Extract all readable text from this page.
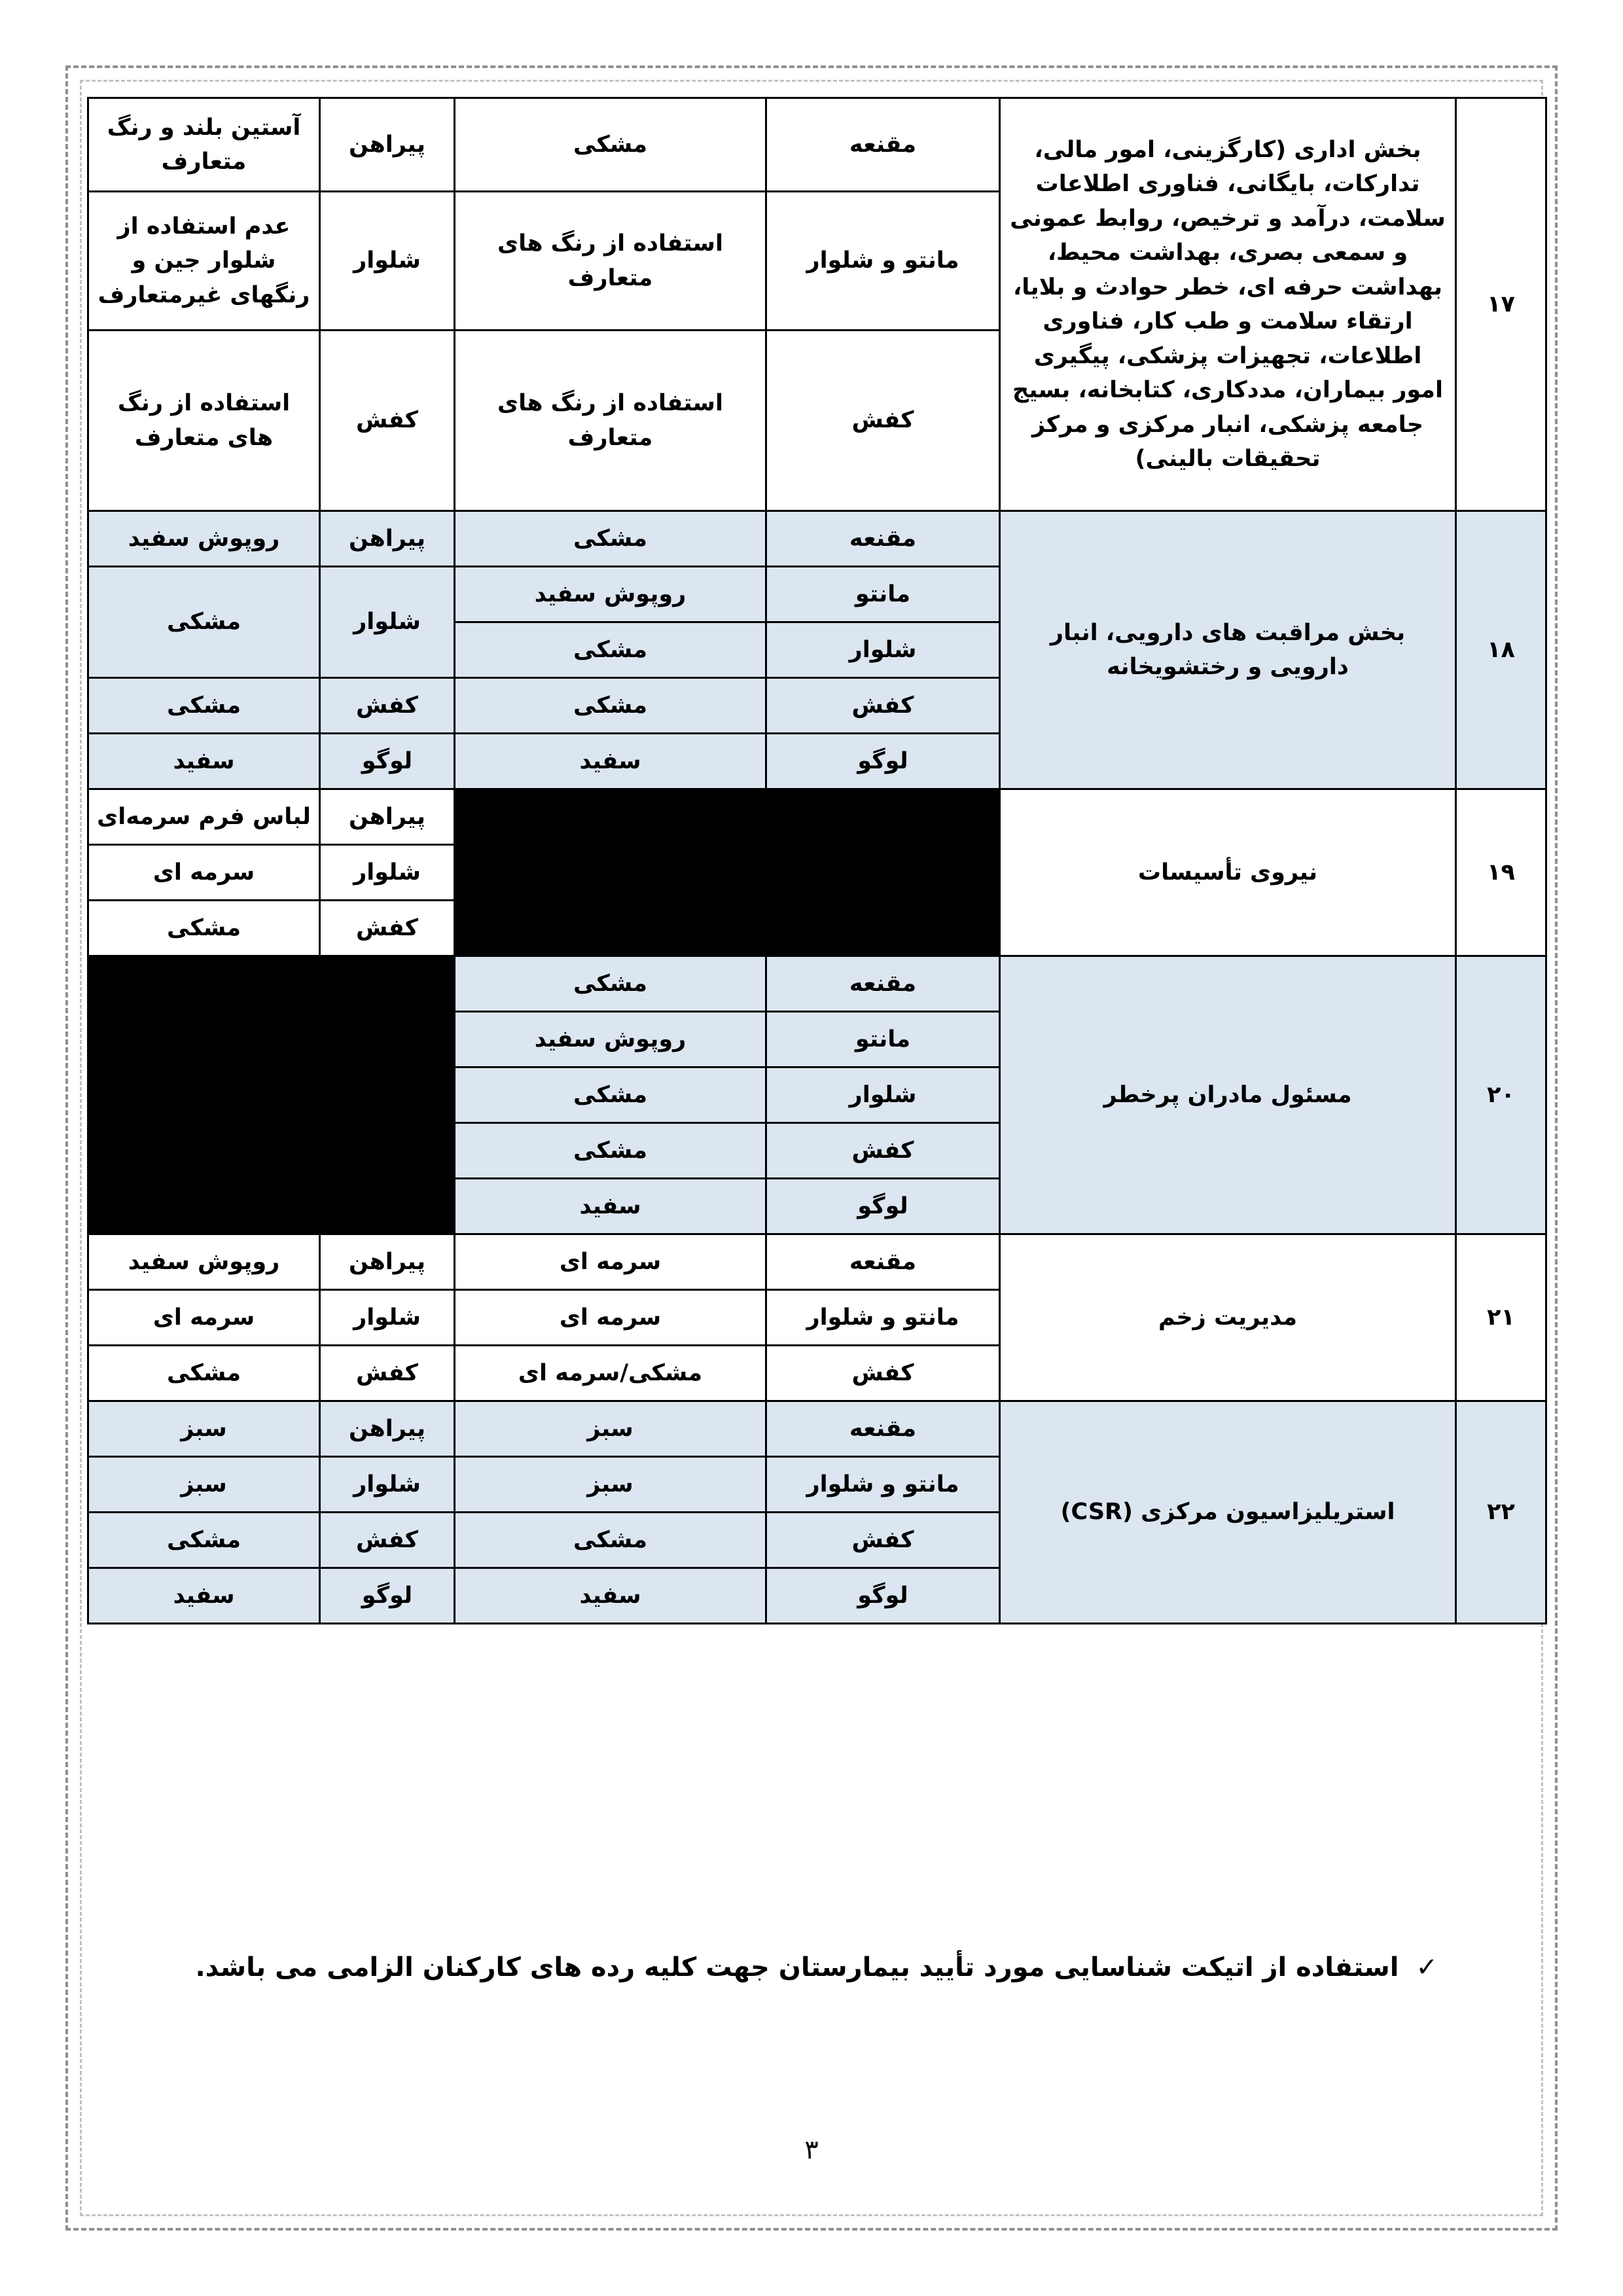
۱۷	بخش اداری (کارگزینی، امور مالی، تدارکات، بایگانی، فناوری اطلاعات سلامت، درآمد و ترخیص، روابط عمونی و سمعی بصری، بهداشت محیط، بهداشت حرفه ای، خطر حوادث و بلایا، ارتقاء سلامت و طب کار، فناوری اطلاعات، تجهیزات پزشکی، پیگیری امور بیماران، مددکاری، کتابخانه، بسیج جامعه پزشکی، انبار مرکزی و مرکز تحقیقات بالینی)	مقنعه	مشکی	پیراهن	آستین بلند و رنگ متعارف
		مانتو و شلوار	استفاده از رنگ های متعارف	شلوار	عدم استفاده از شلوار جین و رنگهای غیرمتعارف
		کفش	استفاده از رنگ های متعارف	کفش	استفاده از رنگ های متعارف
۱۸	بخش مراقبت های دارویی، انبار دارویی و رختشویخانه	مقنعه	مشکی	پیراهن	روپوش سفید
		مانتو	روپوش سفید	شلوار	مشکی
		شلوار	مشکی		
		کفش	مشکی	کفش	مشکی
		لوگو	سفید	لوگو	سفید
۱۹	نیروی تأسیسات			پیراهن	لباس فرم سرمه‌ای
				شلوار	سرمه ای
				کفش	مشکی
۲۰	مسئول مادران پرخطر	مقنعه	مشکی		
		مانتو	روپوش سفید		
		شلوار	مشکی		
		کفش	مشکی		
		لوگو	سفید		
۲۱	مدیریت زخم	مقنعه	سرمه ای	پیراهن	روپوش سفید
		مانتو و شلوار	سرمه ای	شلوار	سرمه ای
		کفش	مشکی/سرمه ای	کفش	مشکی
۲۲	استریلیزاسیون مرکزی (CSR)	مقنعه	سبز	پیراهن	سبز
		مانتو و شلوار	سبز	شلوار	سبز
		کفش	مشکی	کفش	مشکی
		لوگو	سفید	لوگو	سفید
✓استفاده از اتیکت شناسایی مورد تأیید بیمارستان جهت کلیه رده های کارکنان الزامی می باشد.
۳
